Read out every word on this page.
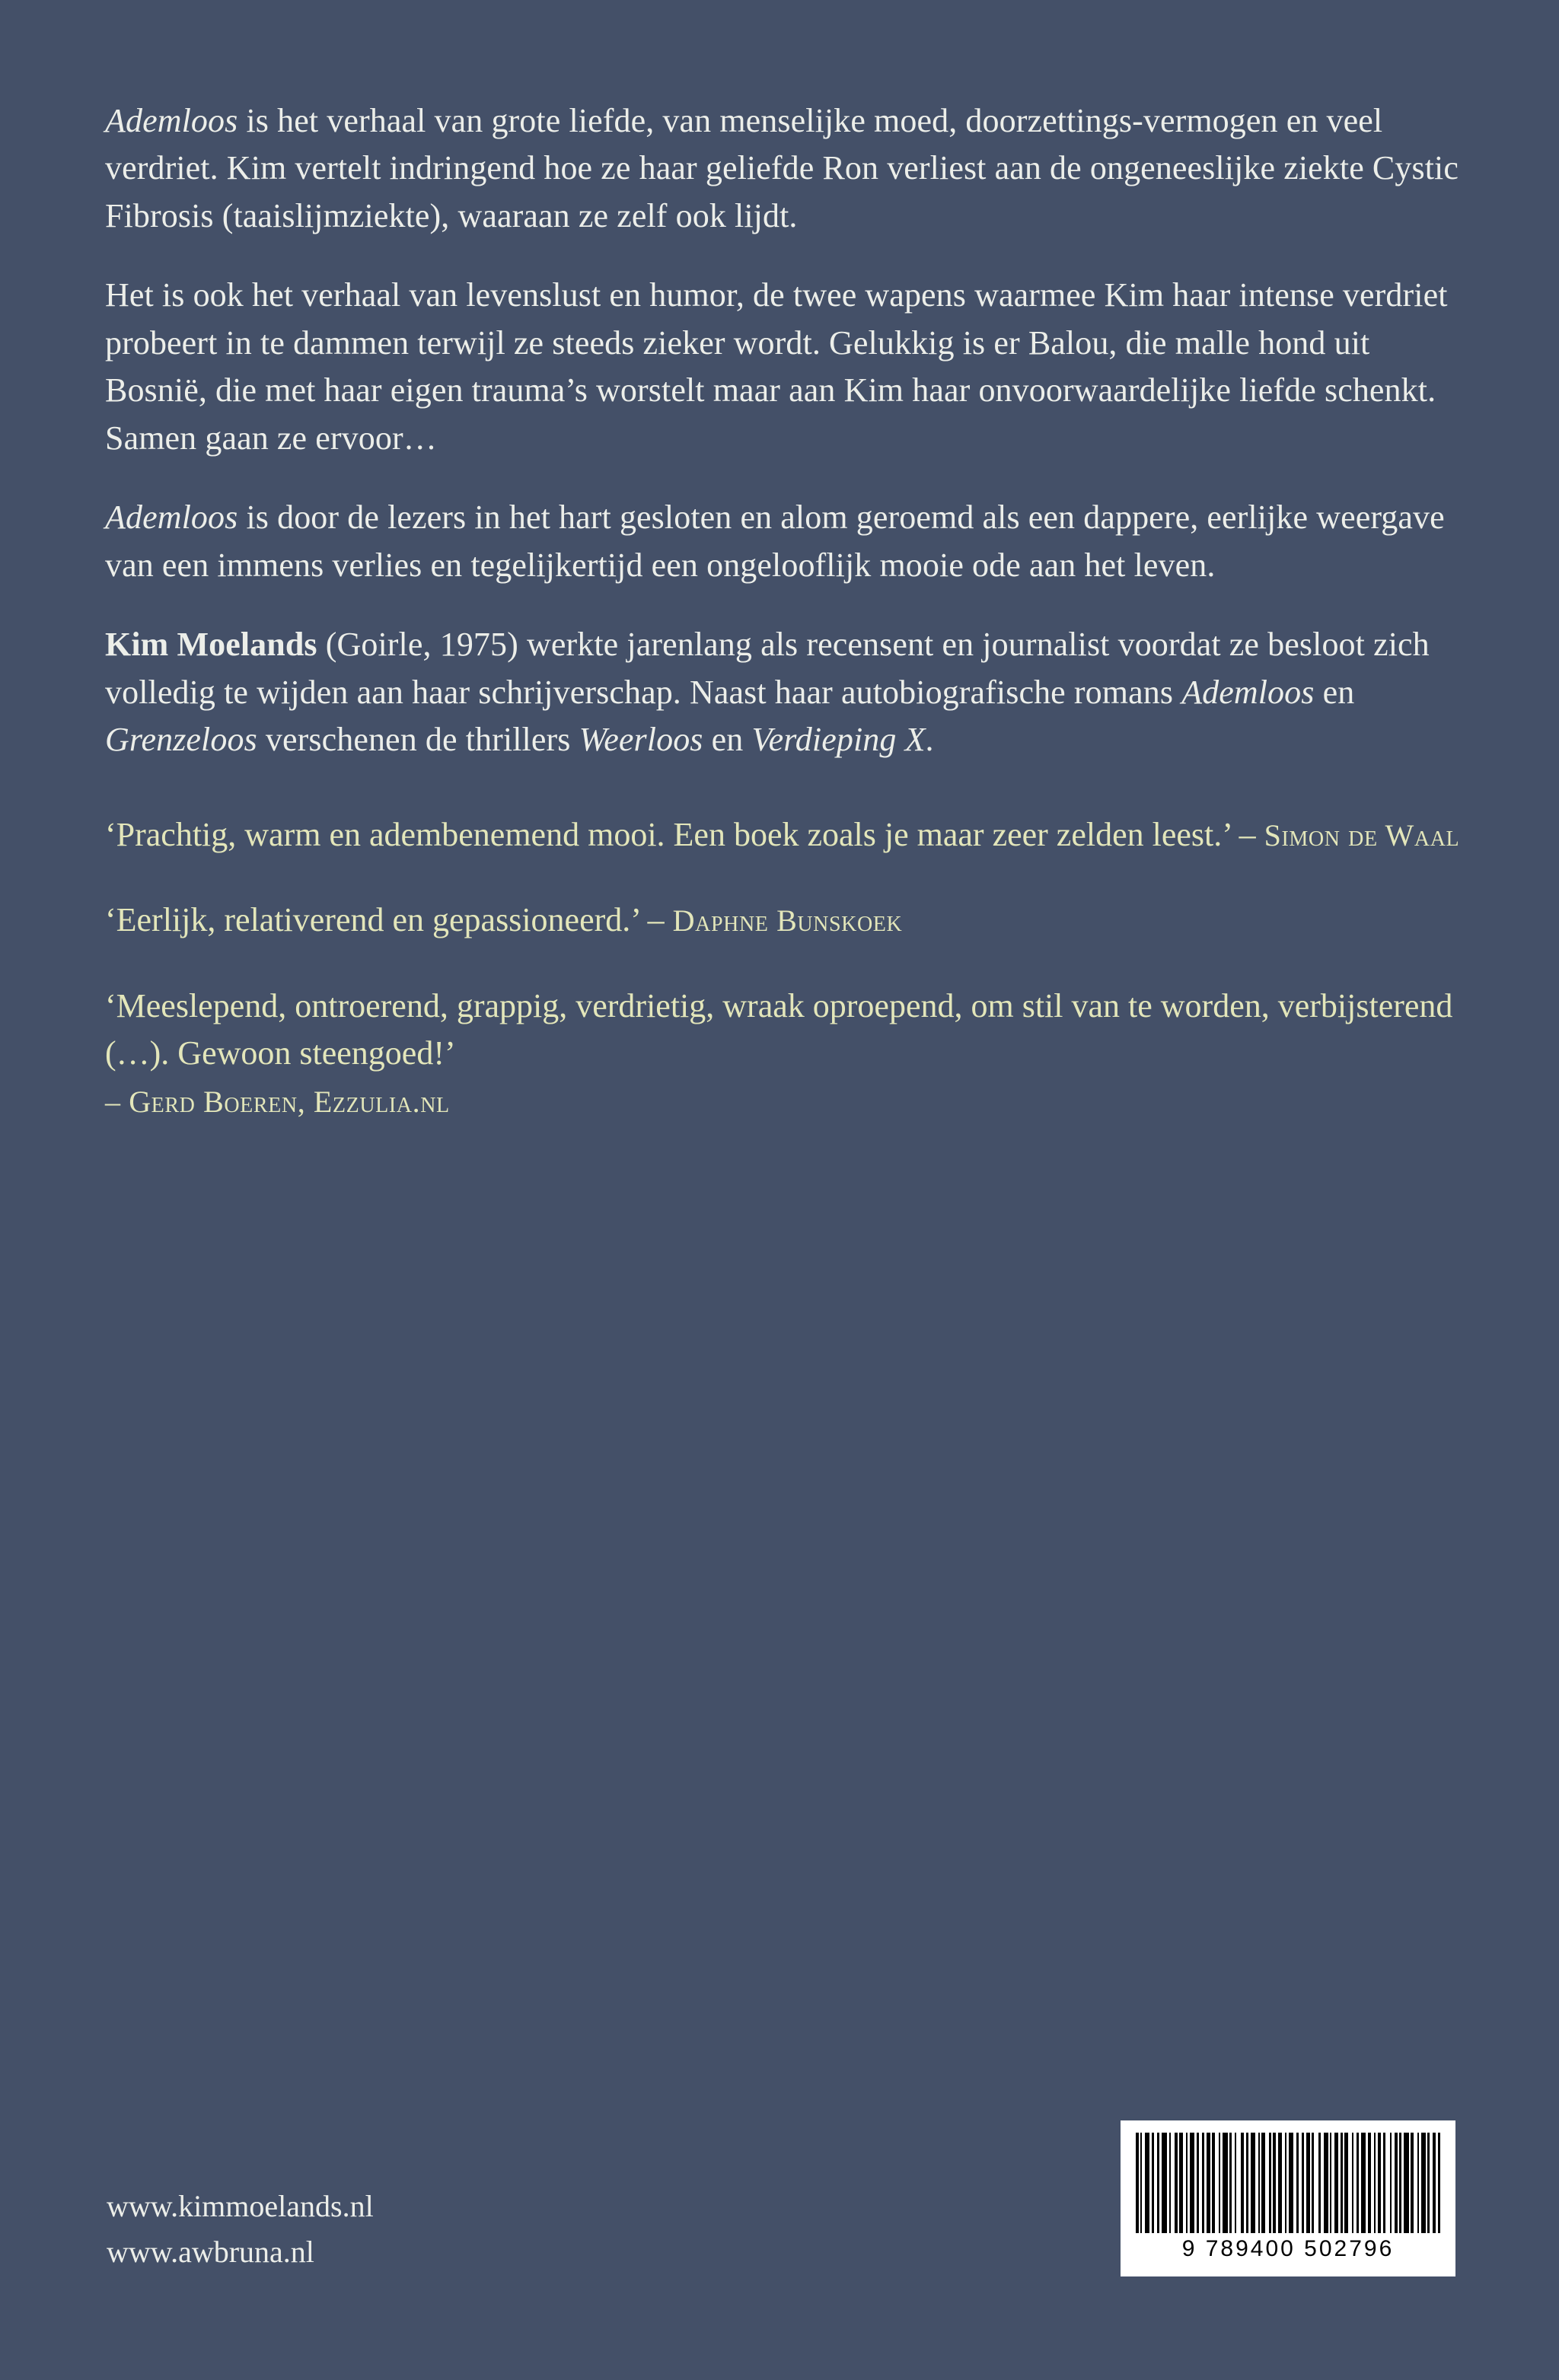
Ademloos is het verhaal van grote liefde, van menselijke moed, doorzettings-vermogen en veel verdriet. Kim vertelt indringend hoe ze haar geliefde Ron verliest aan de ongeneeslijke ziekte Cystic Fibrosis (taaislijmziekte), waaraan ze zelf ook lijdt.

Het is ook het verhaal van levenslust en humor, de twee wapens waarmee Kim haar intense verdriet probeert in te dammen terwijl ze steeds zieker wordt. Gelukkig is er Balou, die malle hond uit Bosnië, die met haar eigen trauma’s worstelt maar aan Kim haar onvoorwaardelijke liefde schenkt. Samen gaan ze ervoor…

Ademloos is door de lezers in het hart gesloten en alom geroemd als een dappere, eerlijke weergave van een immens verlies en tegelijkertijd een ongelooflijk mooie ode aan het leven.

Kim Moelands (Goirle, 1975) werkte jarenlang als recensent en journalist voordat ze besloot zich volledig te wijden aan haar schrijverschap. Naast haar autobiografische romans Ademloos en Grenzeloos verschenen de thrillers Weerloos en Verdieping X.

‘Prachtig, warm en adembenemend mooi. Een boek zoals je maar zeer zelden leest.’ – Simon de Waal

‘Eerlijk, relativerend en gepassioneerd.’ – Daphne Bunskoek

‘Meeslepend, ontroerend, grappig, verdrietig, wraak oproepend, om stil van te worden, verbijsterend (…). Gewoon steengoed!’
– Gerd Boeren, Ezzulia.nl

www.kimmoelands.nl
www.awbruna.nl	9 789400 502796
